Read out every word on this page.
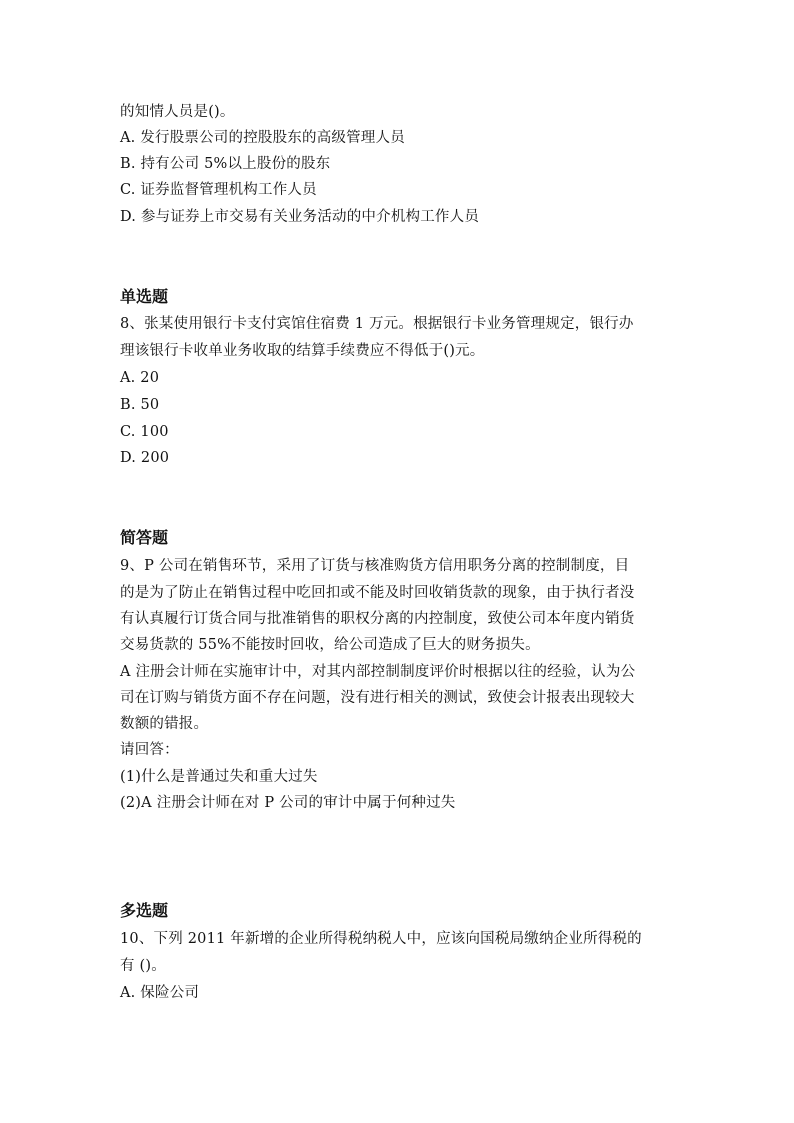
的知情人员是()。
A. 发行股票公司的控股股东的高级管理人员
B. 持有公司 5%以上股份的股东
C. 证券监督管理机构工作人员
D. 参与证券上市交易有关业务活动的中介机构工作人员
单选题
8、张某使用银行卡支付宾馆住宿费 1 万元。根据银行卡业务管理规定，银行办
理该银行卡收单业务收取的结算手续费应不得低于()元。
A. 20
B. 50
C. 100
D. 200
简答题
9、P 公司在销售环节，采用了订货与核准购货方信用职务分离的控制制度，目
的是为了防止在销售过程中吃回扣或不能及时回收销货款的现象，由于执行者没
有认真履行订货合同与批准销售的职权分离的内控制度，致使公司本年度内销货
交易货款的 55%不能按时回收，给公司造成了巨大的财务损失。
A 注册会计师在实施审计中，对其内部控制制度评价时根据以往的经验，认为公
司在订购与销货方面不存在问题，没有进行相关的测试，致使会计报表出现较大
数额的错报。
请回答：
(1)什么是普通过失和重大过失
(2)A 注册会计师在对 P 公司的审计中属于何种过失
多选题
10、下列 2011 年新增的企业所得税纳税人中，应该向国税局缴纳企业所得税的
有 ()。
A. 保险公司
